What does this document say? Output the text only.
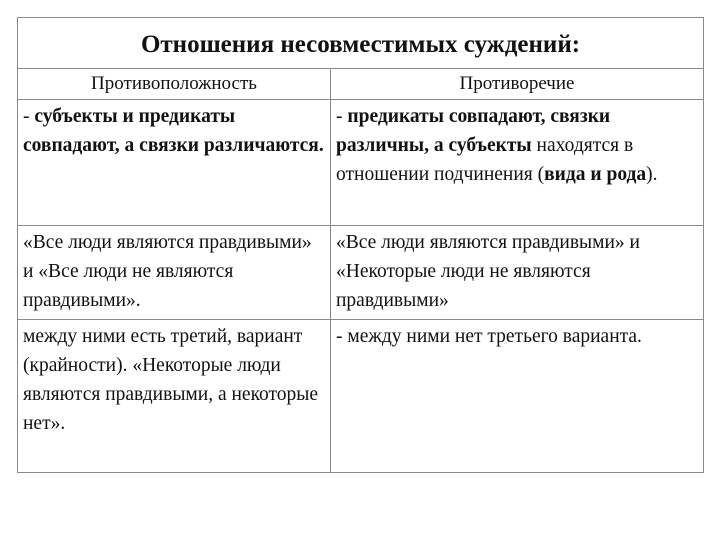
Отношения несовместимых суждений:	
Противоположность	Противоречие
- субъекты и предикаты совпадают, а связки различаются.	- предикаты совпадают, связки различны, а субъекты находятся в отношении подчинения (вида и рода).
«Все люди являются правдивыми» и «Все люди не являются правдивыми».	«Все люди являются правдивыми» и «Некоторые люди не являются правдивыми»
между ними есть третий, вариант (крайности). «Некоторые люди являются правдивыми, а некоторые нет».	- между ними нет третьего варианта.
